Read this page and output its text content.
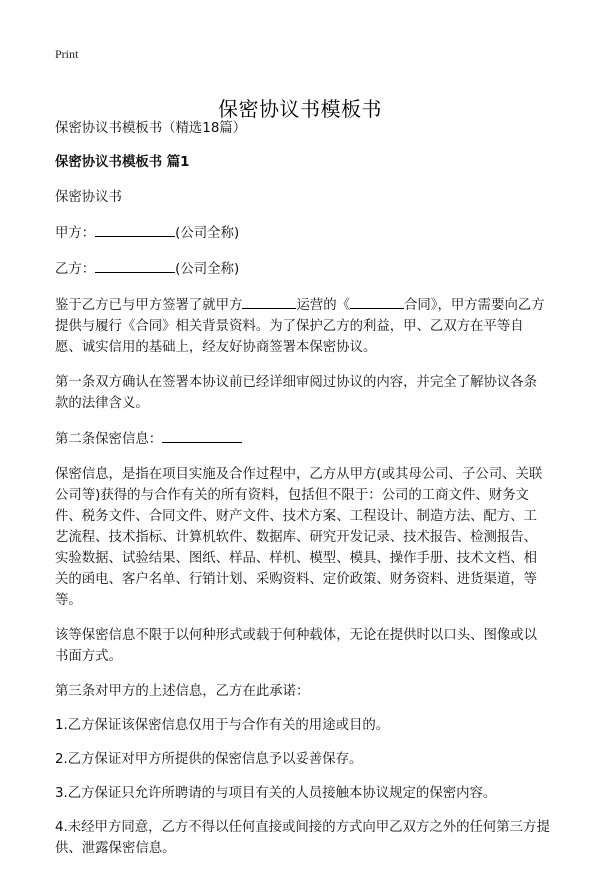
Print
保密协议书模板书

保密协议书模板书（精选18篇）

保密协议书模板书 篇1

保密协议书

甲方：	(公司全称)

乙方：	(公司全称)

鉴于乙方已与甲方签署了就甲方	运营的《	合同》，甲方需要向乙方提供与履行《合同》相关背景资料。为了保护乙方的利益，甲、乙双方在平等自愿、诚实信用的基础上，经友好协商签署本保密协议。

第一条双方确认在签署本协议前已经详细审阅过协议的内容，并完全了解协议各条款的法律含义。

第二条保密信息：

保密信息，是指在项目实施及合作过程中，乙方从甲方(或其母公司、子公司、关联公司等)获得的与合作有关的所有资料，包括但不限于：公司的工商文件、财务文件、税务文件、合同文件、财产文件、技术方案、工程设计、制造方法、配方、工艺流程、技术指标、计算机软件、数据库、研究开发记录、技术报告、检测报告、实验数据、试验结果、图纸、样品、样机、模型、模具、操作手册、技术文档、相关的函电、客户名单、行销计划、采购资料、定价政策、财务资料、进货渠道，等等。

该等保密信息不限于以何种形式或载于何种载体，无论在提供时以口头、图像或以书面方式。

第三条对甲方的上述信息，乙方在此承诺：

1.乙方保证该保密信息仅用于与合作有关的用途或目的。

2.乙方保证对甲方所提供的保密信息予以妥善保存。

3.乙方保证只允许所聘请的与项目有关的人员接触本协议规定的保密内容。

4.未经甲方同意，乙方不得以任何直接或间接的方式向甲乙双方之外的任何第三方提供、泄露保密信息。
